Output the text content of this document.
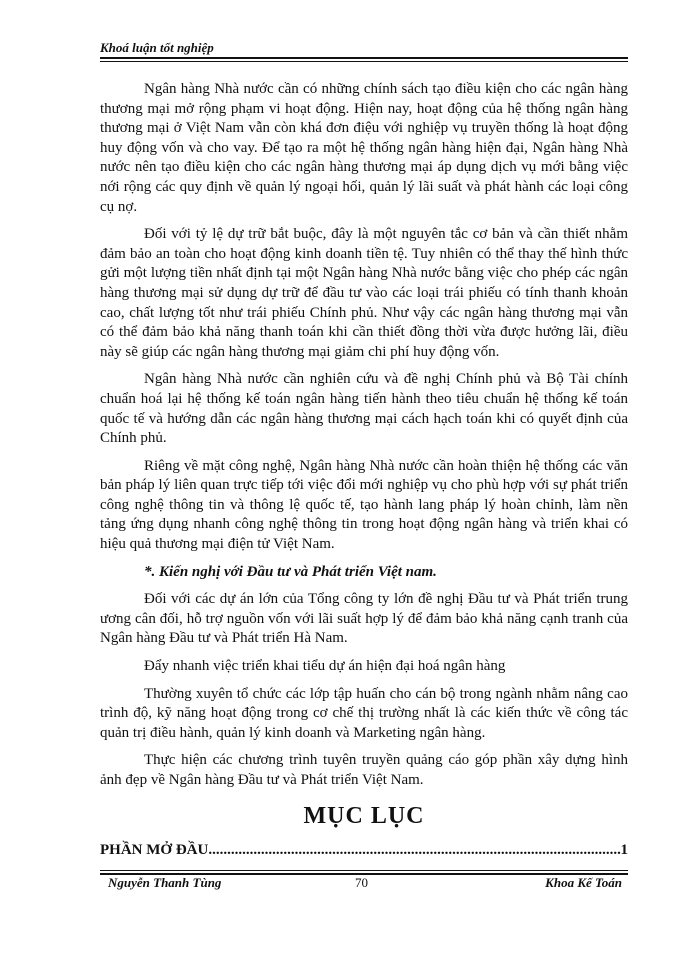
Khoá luận tốt nghiệp

Ngân hàng Nhà nước cần có những chính sách tạo điều kiện cho các ngân hàng thương mại mở rộng phạm vi hoạt động. Hiện nay, hoạt động của hệ thống ngân hàng thương mại ở Việt Nam vẫn còn khá đơn điệu với nghiệp vụ truyền thống là hoạt động huy động vốn và cho vay. Để tạo ra một hệ thống ngân hàng hiện đại, Ngân hàng Nhà nước nên tạo điều kiện cho các ngân hàng thương mại áp dụng dịch vụ mới bằng việc nới rộng các quy định về quản lý ngoại hối, quản lý lãi suất và phát hành các loại công cụ nợ.

Đối với tỷ lệ dự trữ bắt buộc, đây là một nguyên tắc cơ bản và cần thiết nhằm đảm bảo an toàn cho hoạt động kinh doanh tiền tệ. Tuy nhiên có thể thay thế hình thức gửi một lượng tiền nhất định tại một Ngân hàng Nhà nước bằng việc cho phép các ngân hàng thương mại sử dụng dự trữ để đầu tư vào các loại trái phiếu có tính thanh khoản cao, chất lượng tốt như trái phiếu Chính phủ. Như vậy các ngân hàng thương mại vẫn có thể đảm bảo khả năng thanh toán khi cần thiết đồng thời vừa được hưởng lãi, điều này sẽ giúp các ngân hàng thương mại giảm chi phí huy động vốn.

Ngân hàng Nhà nước cần nghiên cứu và đề nghị Chính phủ và Bộ Tài chính chuẩn hoá lại hệ thống kế toán ngân hàng tiến hành theo tiêu chuẩn hệ thống kế toán quốc tế và hướng dẫn các ngân hàng thương mại cách hạch toán khi có quyết định của Chính phủ.

Riêng về mặt công nghệ, Ngân hàng Nhà nước cần hoàn thiện hệ thống các văn bản pháp lý liên quan trực tiếp tới việc đổi mới nghiệp vụ cho phù hợp với sự phát triển công nghệ thông tin và thông lệ quốc tế, tạo hành lang pháp lý hoàn chỉnh, làm nền tảng ứng dụng nhanh công nghệ thông tin trong hoạt động ngân hàng và triển khai có hiệu quả thương mại điện tử Việt Nam.

*. Kiến nghị với Đầu tư và Phát triển Việt nam.

Đối với các dự án lớn của Tổng công ty lớn đề nghị Đầu tư và Phát triển trung ương cân đối, hỗ trợ nguồn vốn với lãi suất hợp lý để đảm bảo khả năng cạnh tranh của Ngân hàng Đầu tư và Phát triển Hà Nam.

Đẩy nhanh việc triển khai tiểu dự án hiện đại hoá ngân hàng

Thường xuyên tổ chức các lớp tập huấn cho cán bộ trong ngành nhằm nâng cao trình độ, kỹ năng hoạt động trong cơ chế thị trường nhất là các kiến thức về công tác quản trị điều hành, quản lý kinh doanh và Marketing ngân hàng.

Thực hiện các chương trình tuyên truyền quảng cáo góp phần xây dựng hình ảnh đẹp về Ngân hàng Đầu tư và Phát triển Việt Nam.

MỤC LỤC
PHẦN MỞ ĐẦU
.....	1
Nguyễn Thanh Tùng	70	Khoa Kế Toán
